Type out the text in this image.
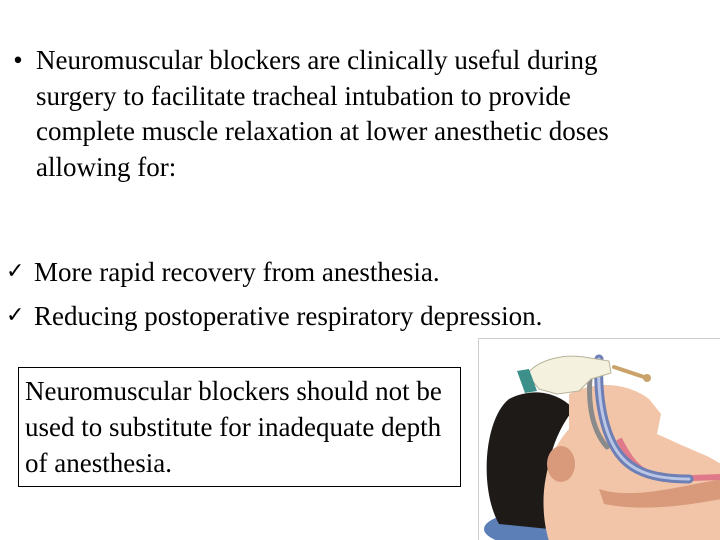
• Neuromuscular blockers are clinically useful during surgery to facilitate tracheal intubation to provide complete muscle relaxation at lower anesthetic doses allowing for:
✓ More rapid recovery from anesthesia.
✓ Reducing postoperative respiratory depression.
Neuromuscular blockers should not be used to substitute for inadequate depth of anesthesia.
